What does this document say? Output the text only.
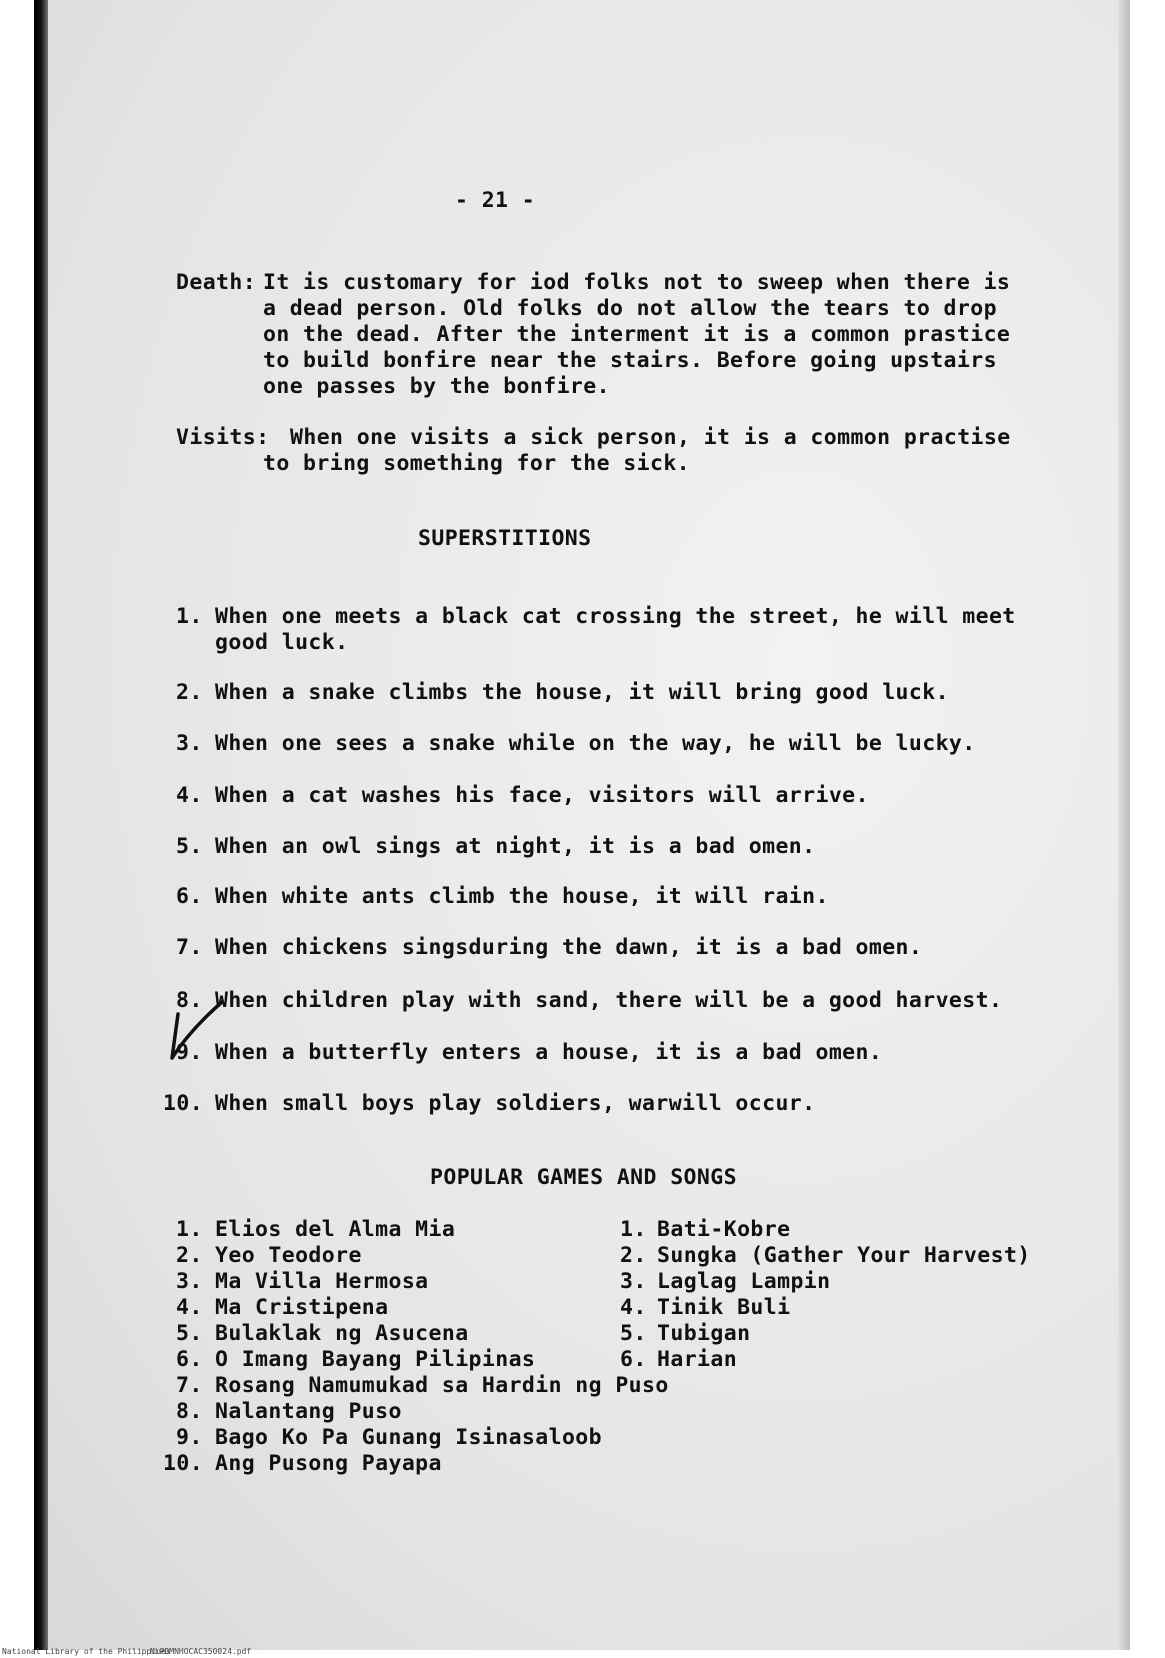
- 21 -
Death: It is customary for iod folks not to sweep when there is
a dead person. Old folks do not allow the tears to drop
on the dead. After the interment it is a common prastice
to build bonfire near the stairs. Before going upstairs
one passes by the bonfire.
Visits: When one visits a sick person, it is a common practise
to bring something for the sick.
SUPERSTITIONS
1. When one meets a black cat crossing the street, he will meet
good luck.
2. When a snake climbs the house, it will bring good luck.
3. When one sees a snake while on the way, he will be lucky.
4. When a cat washes his face, visitors will arrive.
5. When an owl sings at night, it is a bad omen.
6. When white ants climb the house, it will rain.
7. When chickens singsduring the dawn, it is a bad omen.
8. When children play with sand, there will be a good harvest.
9. When a butterfly enters a house, it is a bad omen.
10. When small boys play soldiers, warwill occur.
POPULAR GAMES AND SONGS
1. Elios del Alma Mia
2. Yeo Teodore
3. Ma Villa Hermosa
4. Ma Cristipena
5. Bulaklak ng Asucena
6. O Imang Bayang Pilipinas
7. Rosang Namumukad sa Hardin ng Puso
8. Nalantang Puso
9. Bago Ko Pa Gunang Isinasaloob
10. Ang Pusong Payapa
1. Bati-Kobre
2. Sungka (Gather Your Harvest)
3. Laglag Lampin
4. Tinik Buli
5. Tubigan
6. Harian
National Library of the Philippines
NLPDMNHOCAC350024.pdf
